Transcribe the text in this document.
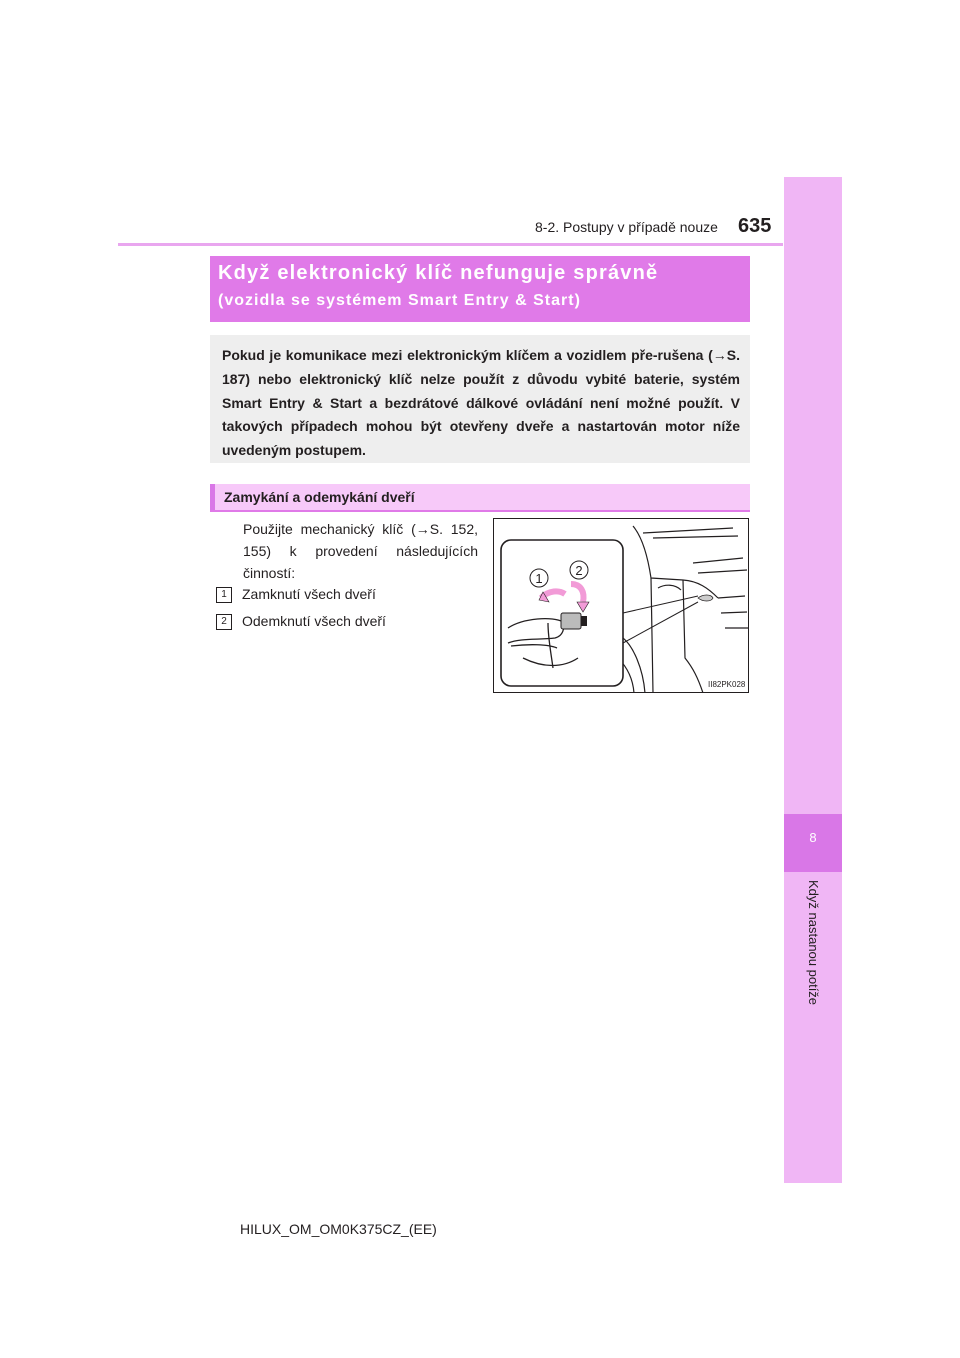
8-2. Postupy v případě nouze 635
8
Když nastanou potíže
Když elektronický klíč nefunguje správně
(vozidla se systémem Smart Entry & Start)
Pokud je komunikace mezi elektronickým klíčem a vozidlem pře-rušena (→S. 187) nebo elektronický klíč nelze použít z důvodu vybité baterie, systém Smart Entry & Start a bezdrátové dálkové ovládání není možné použít. V takových případech mohou být otevřeny dveře a nastartován motor níže uvedeným postupem.
Zamykání a odemykání dveří
Použijte mechanický klíč (→S. 152, 155) k provedení následujících činností:
1	Zamknutí všech dveří
2	Odemknutí všech dveří
1
2
II82PK028
HILUX_OM_OM0K375CZ_(EE)
